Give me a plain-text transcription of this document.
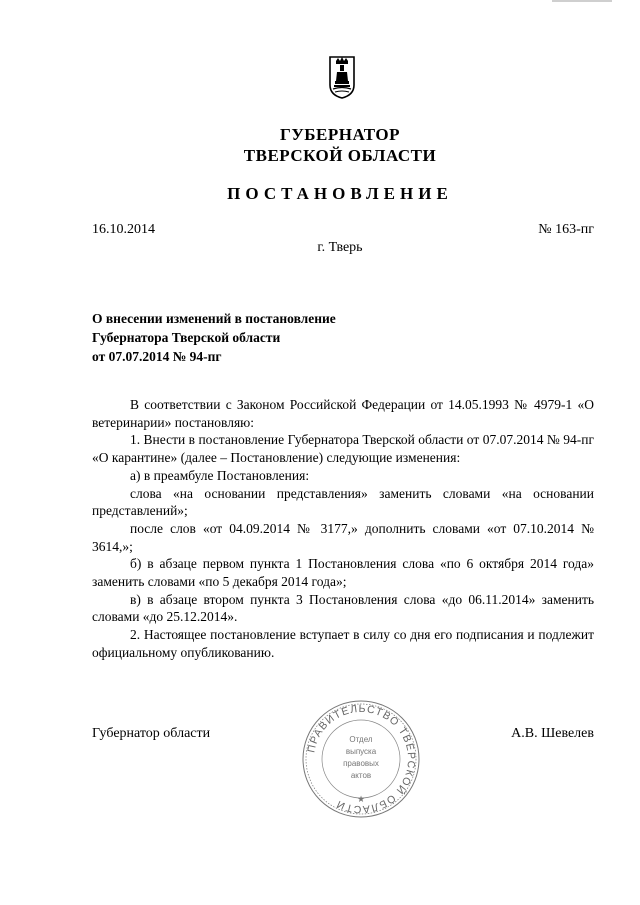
ГУБЕРНАТОР
ТВЕРСКОЙ ОБЛАСТИ
ПОСТАНОВЛЕНИЕ
16.10.2014	№ 163-пг
г. Тверь
О внесении изменений в постановление
Губернатора Тверской области
от 07.07.2014 № 94-пг

В соответствии с Законом Российской Федерации от 14.05.1993 № 4979-1 «О ветеринарии» постановляю:

1. Внести в постановление Губернатора Тверской области от 07.07.2014 № 94-пг «О карантине» (далее – Постановление) следующие изменения:

а) в преамбуле Постановления:

слова «на основании представления» заменить словами «на основании представлений»;

после слов «от 04.09.2014 № 3177,» дополнить словами «от 07.10.2014 № 3614,»;

б) в абзаце первом пункта 1 Постановления слова «по 6 октября 2014 года» заменить словами «по 5 декабря 2014 года»;

в) в абзаце втором пункта 3 Постановления слова «до 06.11.2014» заменить словами «до 25.12.2014».

2. Настоящее постановление вступает в силу со дня его подписания и подлежит официальному опубликованию.

Губернатор области	А.В. Шевелев
ПРАВИТЕЛЬСТВО ТВЕРСКОЙ ОБЛАСТИ
Отдел
выпуска
правовых
актов
★
